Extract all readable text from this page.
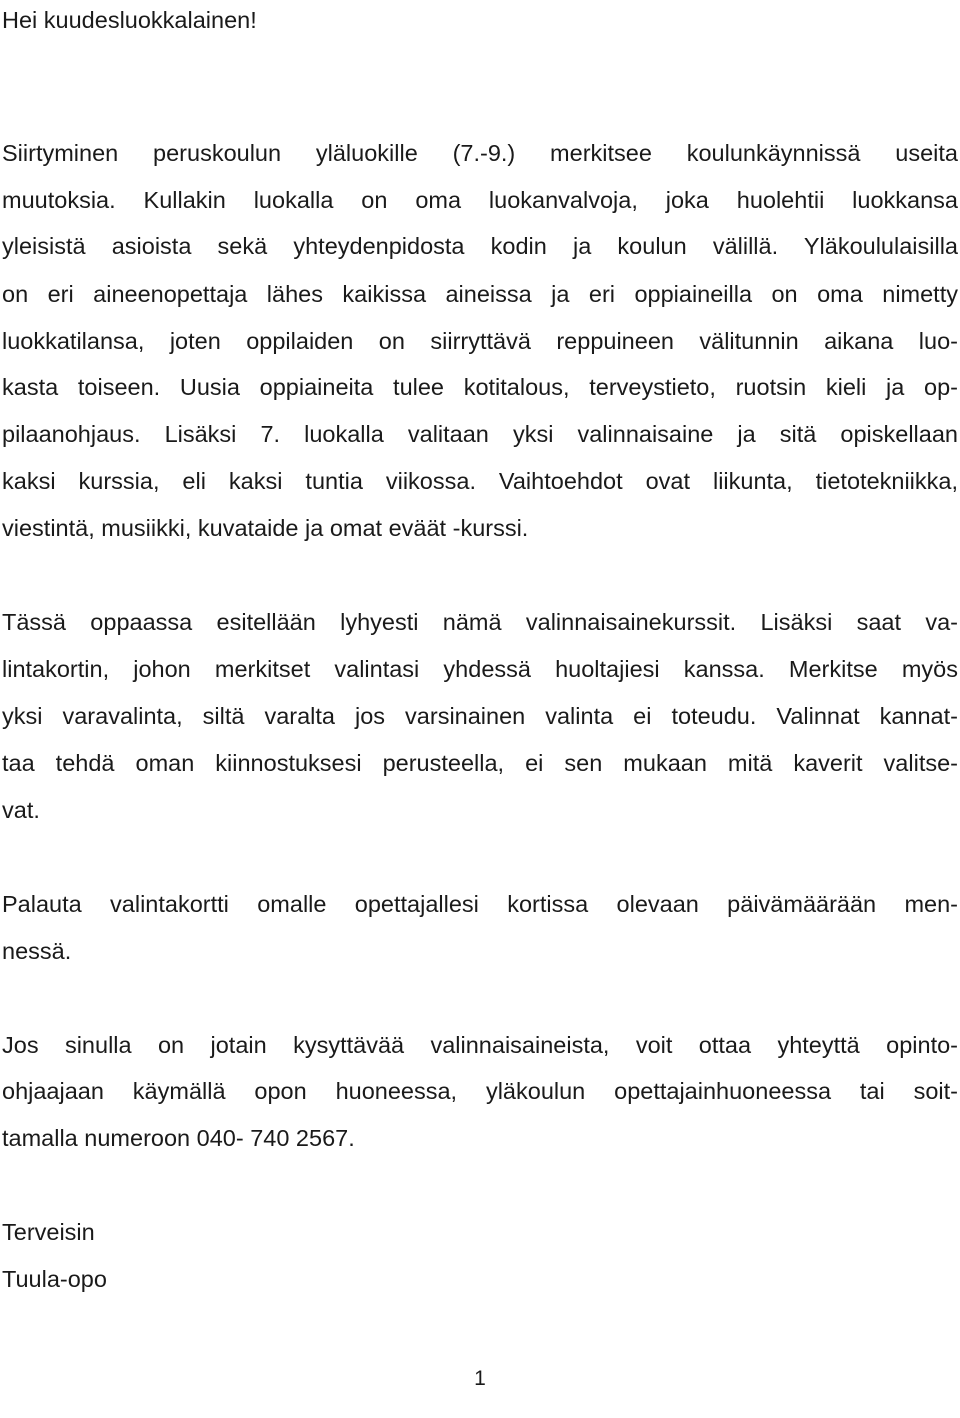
Hei kuudesluokkalainen!
Siirtyminen peruskoulun yläluokille (7.-9.) merkitsee koulunkäynnissä useita
muutoksia. Kullakin luokalla on oma luokanvalvoja, joka huolehtii luokkansa
yleisistä asioista sekä yhteydenpidosta kodin ja koulun välillä. Yläkoululaisilla
on eri aineenopettaja lähes kaikissa aineissa ja eri oppiaineilla on oma nimetty
luokkatilansa, joten oppilaiden on siirryttävä reppuineen välitunnin aikana luo-
kasta toiseen. Uusia oppiaineita tulee kotitalous, terveystieto, ruotsin kieli ja op-
pilaanohjaus. Lisäksi 7. luokalla valitaan yksi valinnaisaine ja sitä opiskellaan
kaksi kurssia, eli kaksi tuntia viikossa. Vaihtoehdot ovat liikunta, tietotekniikka,
viestintä, musiikki, kuvataide ja omat eväät -kurssi.
Tässä oppaassa esitellään lyhyesti nämä valinnaisainekurssit. Lisäksi saat va-
lintakortin, johon merkitset valintasi yhdessä huoltajiesi kanssa. Merkitse myös
yksi varavalinta, siltä varalta jos varsinainen valinta ei toteudu. Valinnat kannat-
taa tehdä oman kiinnostuksesi perusteella, ei sen mukaan mitä kaverit valitse-
vat.
Palauta valintakortti omalle opettajallesi kortissa olevaan päivämäärään men-
nessä.
Jos sinulla on jotain kysyttävää valinnaisaineista, voit ottaa yhteyttä opinto-
ohjaajaan käymällä opon huoneessa, yläkoulun opettajainhuoneessa tai soit-
tamalla numeroon 040- 740 2567.
Terveisin
Tuula-opo
1
